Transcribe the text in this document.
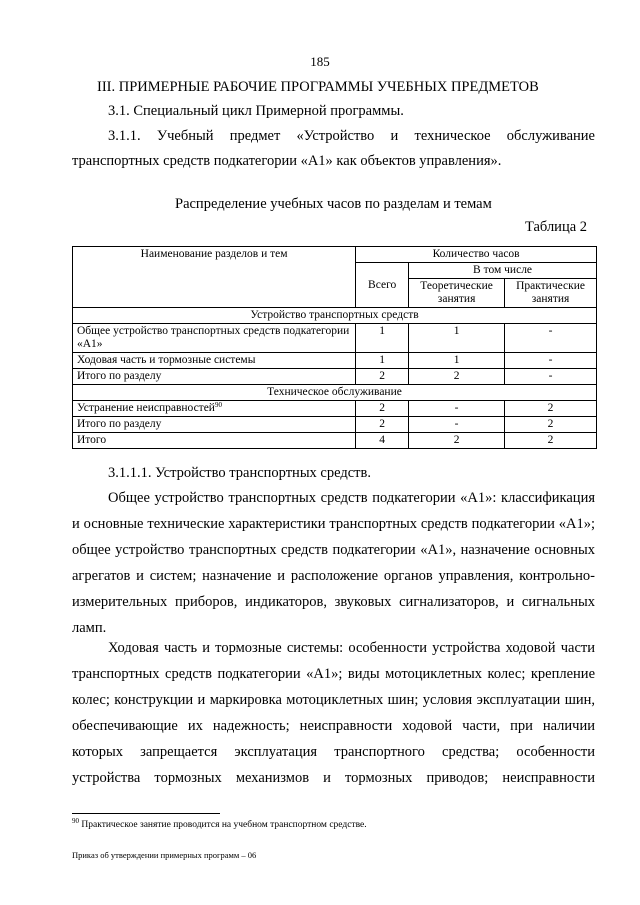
185
III. ПРИМЕРНЫЕ РАБОЧИЕ ПРОГРАММЫ УЧЕБНЫХ ПРЕДМЕТОВ
3.1. Специальный цикл Примерной программы.
3.1.1. Учебный предмет «Устройство и техническое обслуживание
транспортных средств подкатегории «А1» как объектов управления».
Распределение учебных часов по разделам и темам
Таблица 2
Наименование разделов и тем	Количество часов		
	Всего	В том числе	
		Теоретические занятия	Практические занятия
Устройство транспортных средств			
Общее устройство транспортных средств подкатегории «А1»	1	1	-
Ходовая часть и тормозные системы	1	1	-
Итого по разделу	2	2	-
Техническое обслуживание			
Устранение неисправностей$^{90}$	2	-	2
Итого по разделу	2	-	2
Итого	4	2	2
3.1.1.1. Устройство транспортных средств.
Общее устройство транспортных средств подкатегории «А1»: классификация
и основные технические характеристики транспортных средств подкатегории «А1»;
общее устройство транспортных средств подкатегории «А1», назначение основных
агрегатов и систем; назначение и расположение органов управления, контрольно-
измерительных приборов, индикаторов, звуковых сигнализаторов, и сигнальных
ламп.
Ходовая часть и тормозные системы: особенности устройства ходовой части
транспортных средств подкатегории «А1»; виды мотоциклетных колес; крепление
колес; конструкции и маркировка мотоциклетных шин; условия эксплуатации шин,
обеспечивающие их надежность; неисправности ходовой части, при наличии
которых запрещается эксплуатация транспортного средства; особенности
устройства тормозных механизмов и тормозных приводов; неисправности
$^{90}$ Практическое занятие проводится на учебном транспортном средстве.
Приказ об утверждении примерных программ – 06
